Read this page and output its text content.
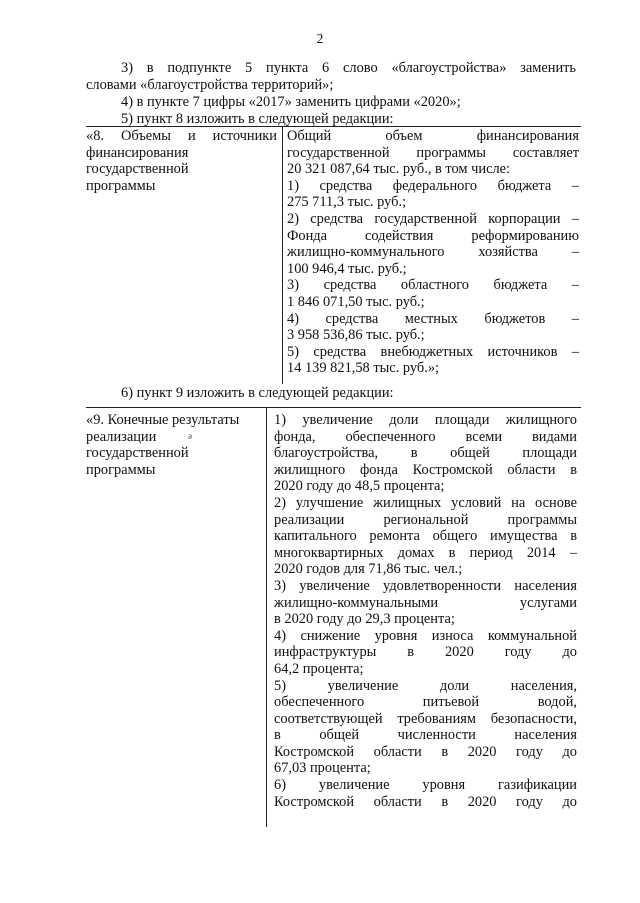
2
3) в подпункте 5 пункта 6 слово «благоустройства» заменить
словами «благоустройства территорий»;
4) в пункте 7 цифры «2017» заменить цифрами «2020»;
5) пункт 8 изложить в следующей редакции:
«8. Объемы и источники
финансирования
государственной
программы
Общий объем финансирования
государственной программы составляет
20 321 087,64 тыс. руб., в том числе:
1) средства федерального бюджета –
275 711,3 тыс. руб.;
2) средства государственной корпорации –
Фонда содействия реформированию
жилищно-коммунального хозяйства –
100 946,4 тыс. руб.;
3) средства областного бюджета –
1 846 071,50 тыс. руб.;
4) средства местных бюджетов –
3 958 536,86 тыс. руб.;
5) средства внебюджетных источников –
14 139 821,58 тыс. руб.»;
6) пункт 9 изложить в следующей редакции:
«9. Конечные результаты
реализации
государственной
программы
1) увеличение доли площади жилищного
фонда, обеспеченного всеми видами
благоустройства, в общей площади
жилищного фонда Костромской области в
2020 году до 48,5 процента;
2) улучшение жилищных условий на основе
реализации региональной программы
капитального ремонта общего имущества в
многоквартирных домах в период 2014 –
2020 годов для 71,86 тыс. чел.;
3) увеличение удовлетворенности населения
жилищно-коммунальными услугами
в 2020 году до 29,3 процента;
4) снижение уровня износа коммунальной
инфраструктуры в 2020 году до
64,2 процента;
5) увеличение доли населения,
обеспеченного питьевой водой,
соответствующей требованиям безопасности,
в общей численности населения
Костромской области в 2020 году до
67,03 процента;
6) увеличение уровня газификации
Костромской области в 2020 году до
ə
